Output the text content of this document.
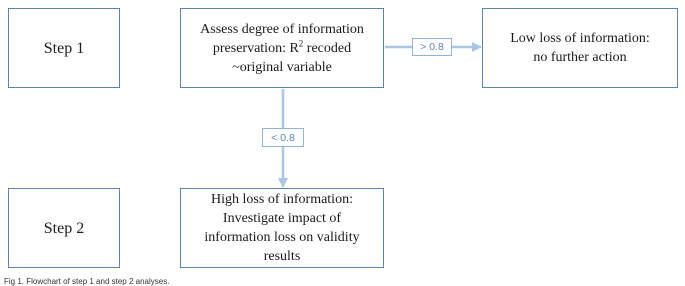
Step 1
Assess degree of information
preservation: $R^2$ recoded
~original variable
Low loss of information:
no further action
Step 2
High loss of information:
Investigate impact of
information loss on validity
results
> 0.8
< 0.8
Fig 1. Flowchart of step 1 and step 2 analyses.
